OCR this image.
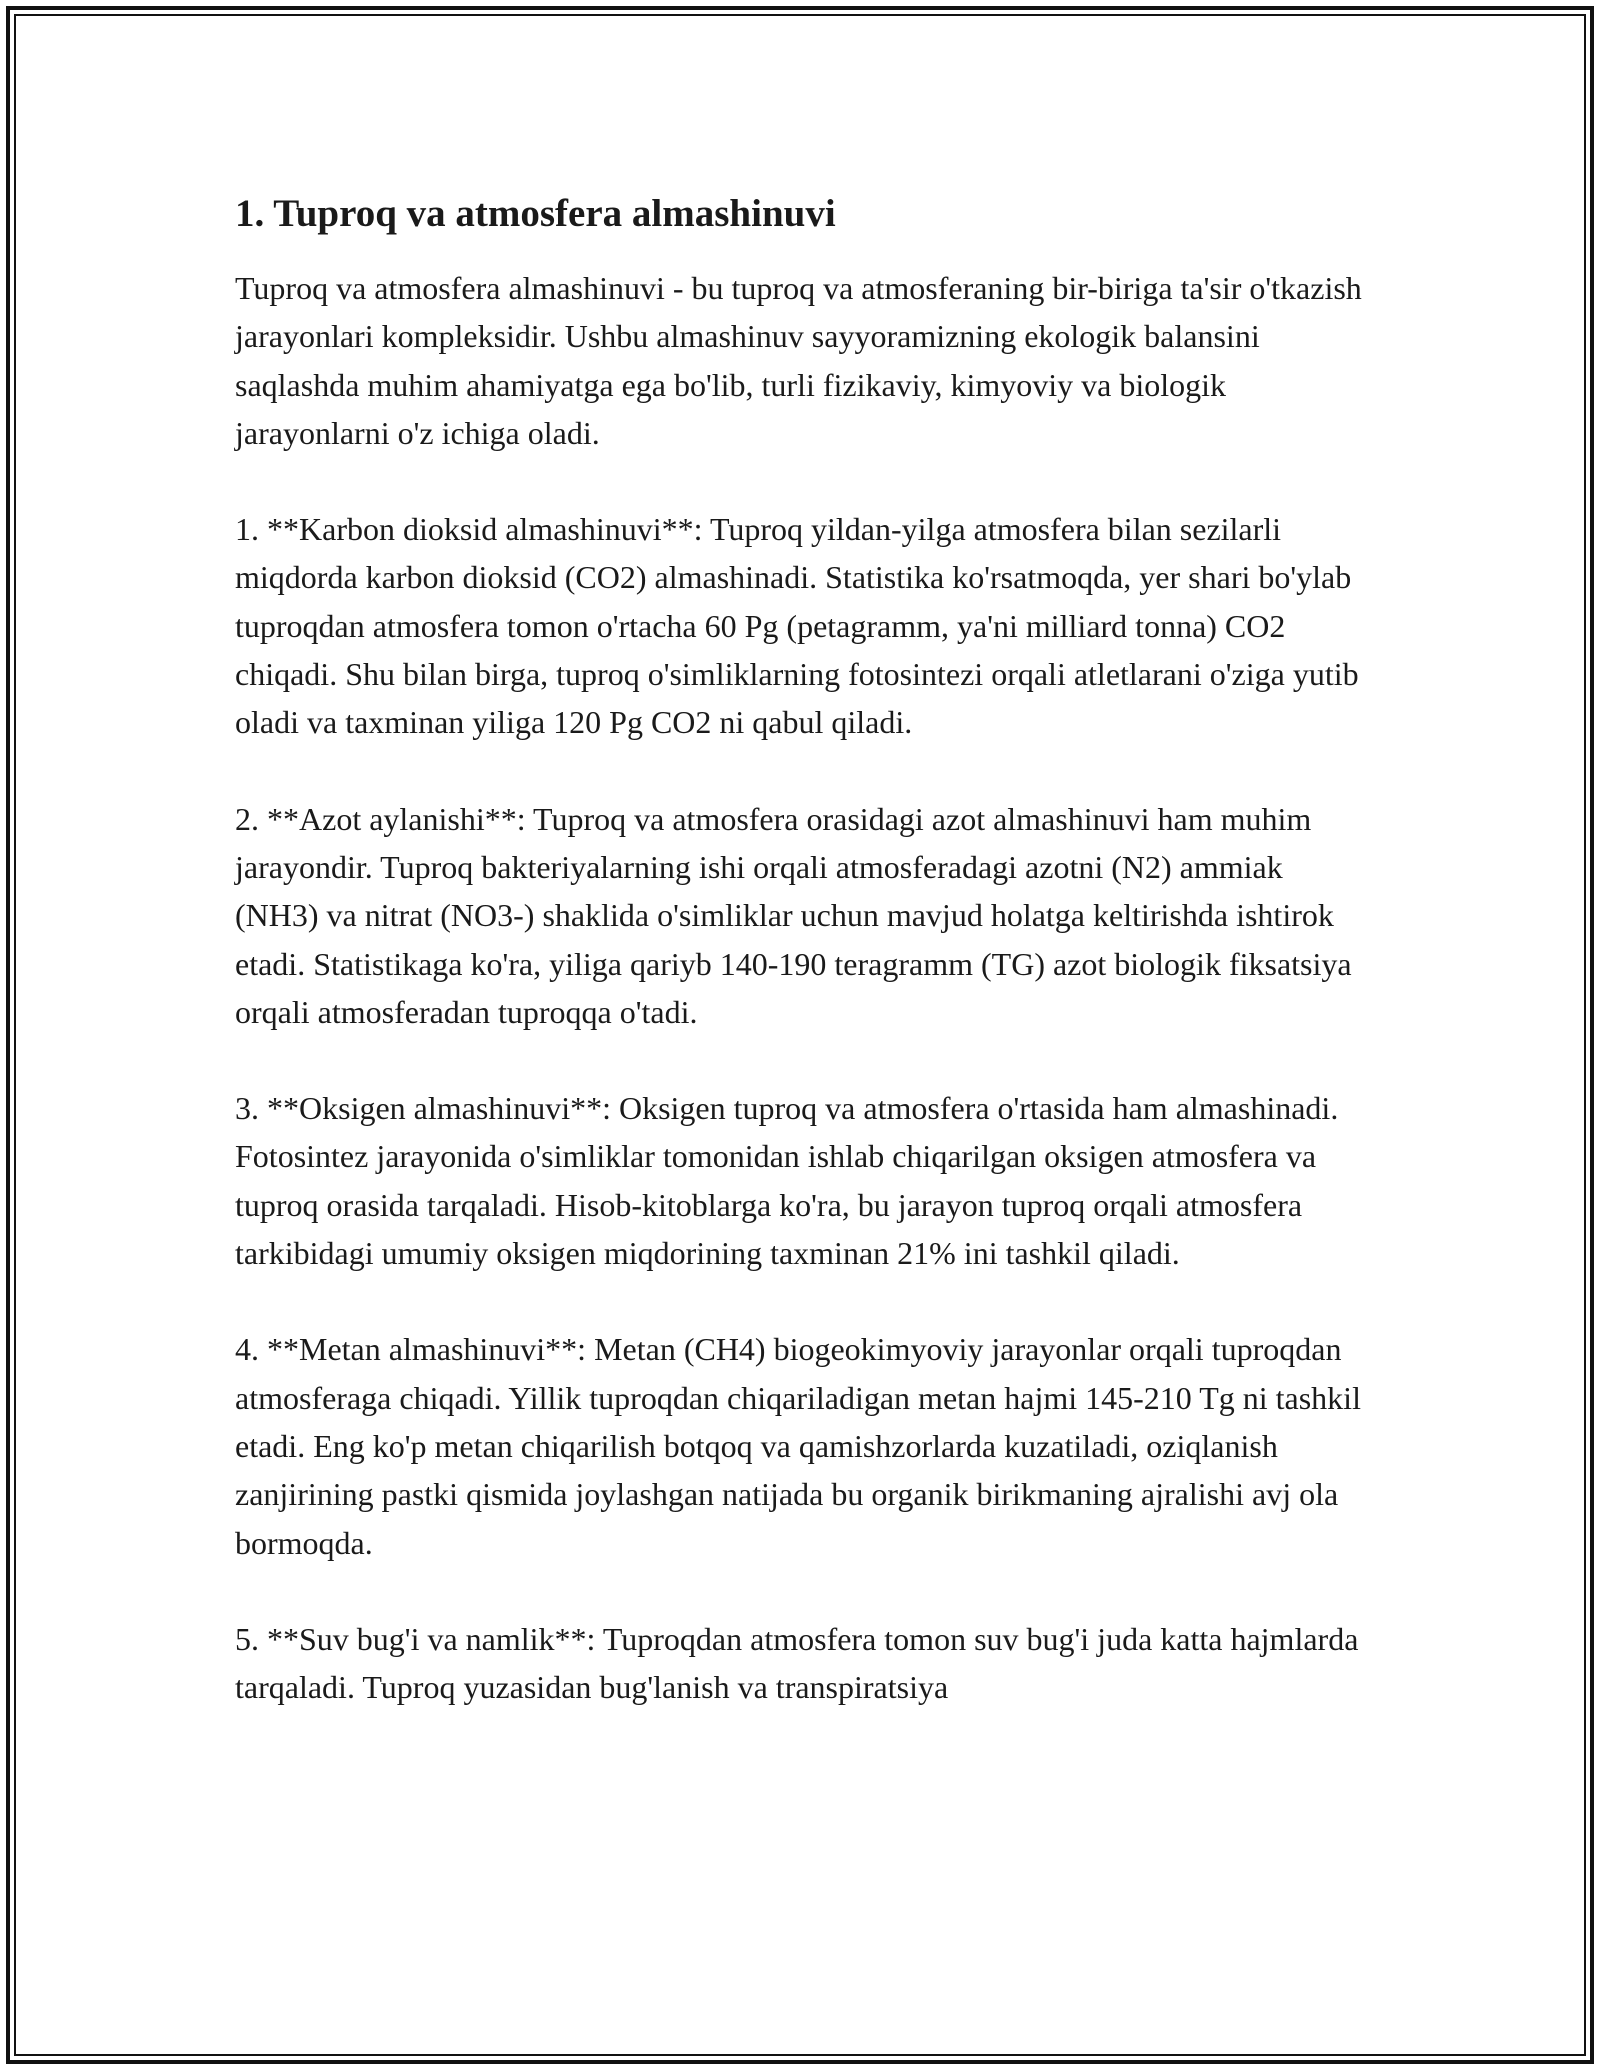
1. Tuproq va atmosfera almashinuvi

Tuproq va atmosfera almashinuvi - bu tuproq va atmosferaning bir-biriga ta'sir o'tkazish jarayonlari kompleksidir. Ushbu almashinuv sayyoramizning ekologik balansini saqlashda muhim ahamiyatga ega bo'lib, turli fizikaviy, kimyoviy va biologik jarayonlarni o'z ichiga oladi.

1. **Karbon dioksid almashinuvi**: Tuproq yildan-yilga atmosfera bilan sezilarli miqdorda karbon dioksid (CO2) almashinadi. Statistika ko'rsatmoqda, yer shari bo'ylab tuproqdan atmosfera tomon o'rtacha 60 Pg (petagramm, ya'ni milliard tonna) CO2 chiqadi. Shu bilan birga, tuproq o'simliklarning fotosintezi orqali atletlarani o'ziga yutib oladi va taxminan yiliga 120 Pg CO2 ni qabul qiladi.

2. **Azot aylanishi**: Tuproq va atmosfera orasidagi azot almashinuvi ham muhim jarayondir. Tuproq bakteriyalarning ishi orqali atmosferadagi azotni (N2) ammiak (NH3) va nitrat (NO3-) shaklida o'simliklar uchun mavjud holatga keltirishda ishtirok etadi. Statistikaga ko'ra, yiliga qariyb 140-190 teragramm (TG) azot biologik fiksatsiya orqali atmosferadan tuproqqa o'tadi.

3. **Oksigen almashinuvi**: Oksigen tuproq va atmosfera o'rtasida ham almashinadi. Fotosintez jarayonida o'simliklar tomonidan ishlab chiqarilgan oksigen atmosfera va tuproq orasida tarqaladi. Hisob-kitoblarga ko'ra, bu jarayon tuproq orqali atmosfera tarkibidagi umumiy oksigen miqdorining taxminan 21% ini tashkil qiladi.

4. **Metan almashinuvi**: Metan (CH4) biogeokimyoviy jarayonlar orqali tuproqdan atmosferaga chiqadi. Yillik tuproqdan chiqariladigan metan hajmi 145-210 Tg ni tashkil etadi. Eng ko'p metan chiqarilish botqoq va qamishzorlarda kuzatiladi, oziqlanish zanjirining pastki qismida joylashgan natijada bu organik birikmaning ajralishi avj ola bormoqda.

5. **Suv bug'i va namlik**: Tuproqdan atmosfera tomon suv bug'i juda katta hajmlarda tarqaladi. Tuproq yuzasidan bug'lanish va transpiratsiya
